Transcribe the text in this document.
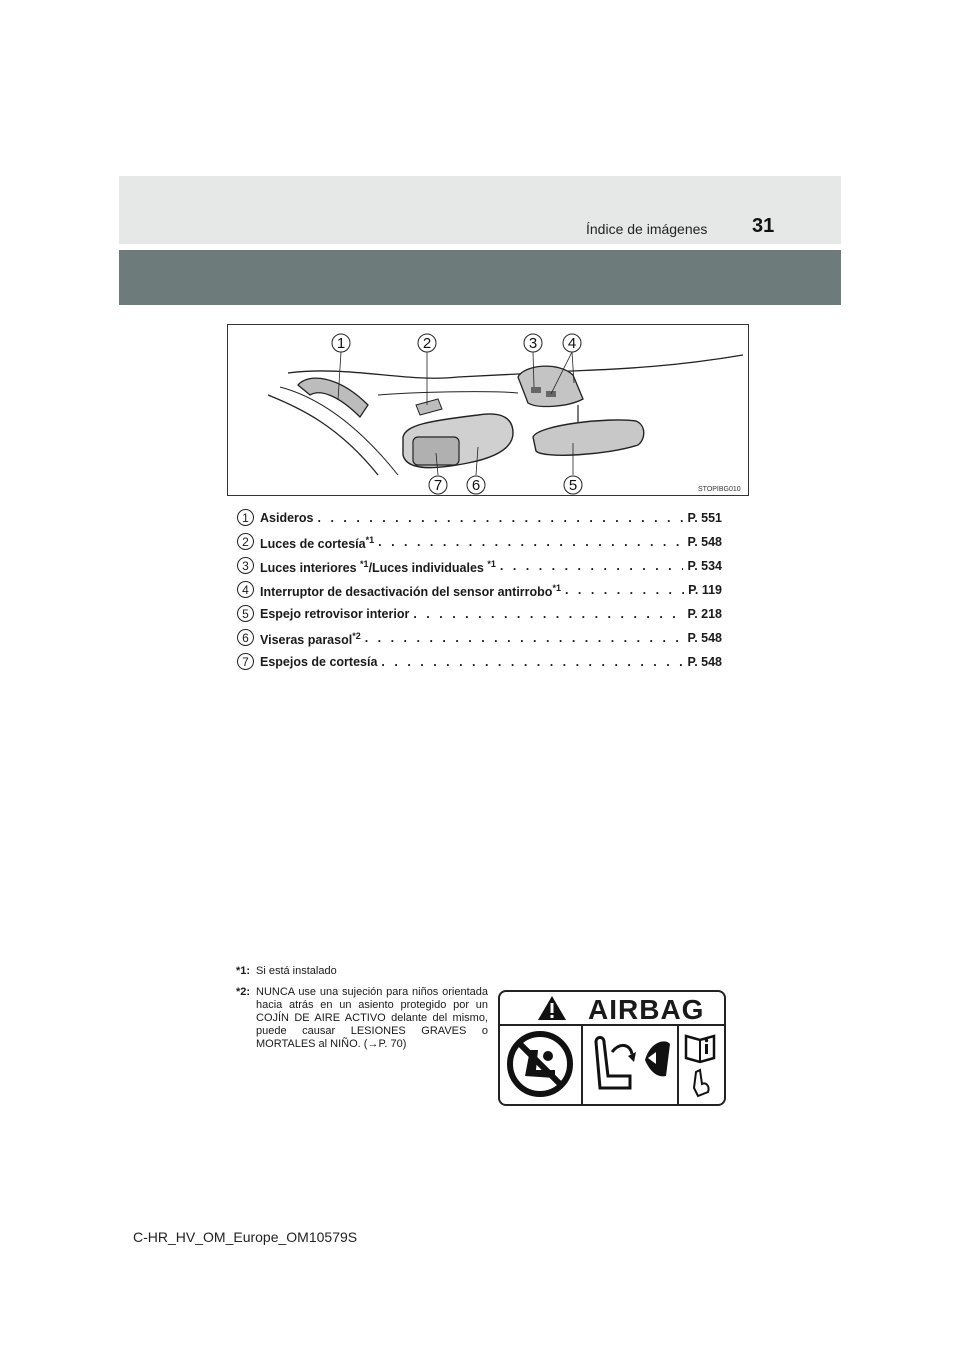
Índice de imágenes 31
1	2	3 4
7 6	5	STOPIBG010
1 Asideros . . .	P. 551
2 Luces de cortesía$^{*1}$ . . .	P. 548
3 Luces interiores $^{*1}$/Luces individuales $^{*1}$ . . .	P. 534
4 Interruptor de desactivación del sensor antirrobo$^{*1}$ . . .	P. 119
5 Espejo retrovisor interior . . .	P. 218
6 Viseras parasol$^{*2}$ . . .	P. 548
7 Espejos de cortesía . . .	P. 548
*1: Si está instalado
*2: NUNCA use una sujeción para niños orientada hacia atrás en un asiento protegido por un COJÍN DE AIRE ACTIVO delante del mismo, puede causar LESIONES GRAVES o MORTALES al NIÑO. (→P. 70)
AIRBAG
C-HR_HV_OM_Europe_OM10579S
